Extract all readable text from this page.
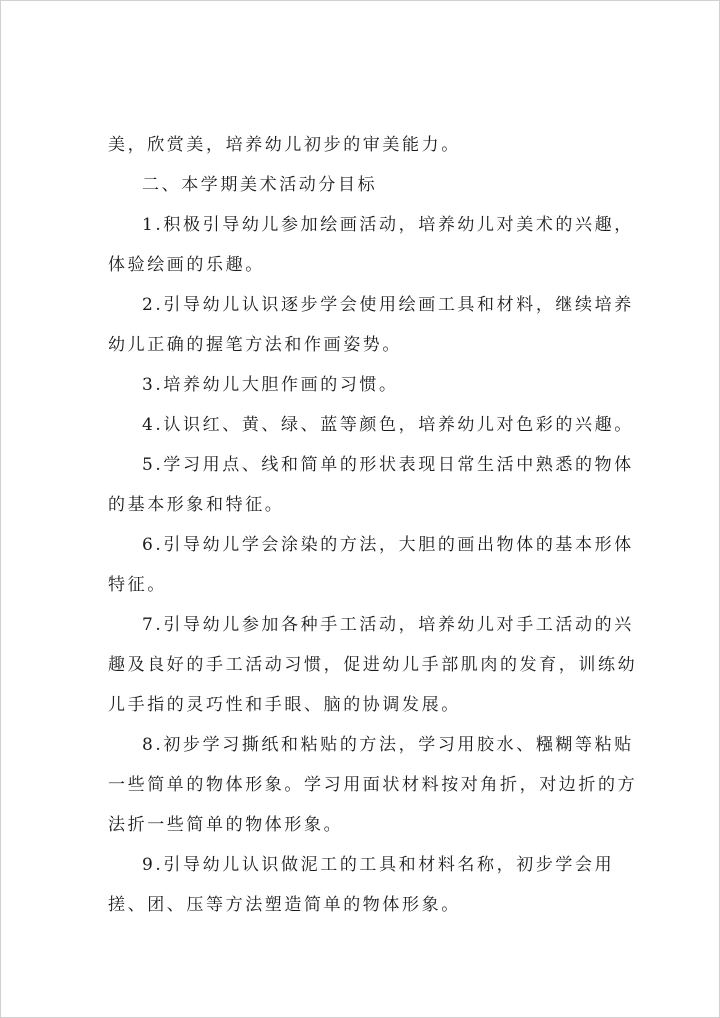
美，欣赏美，培养幼儿初步的审美能力。

二、本学期美术活动分目标

1.积极引导幼儿参加绘画活动，培养幼儿对美术的兴趣，体验绘画的乐趣。

2.引导幼儿认识逐步学会使用绘画工具和材料，继续培养幼儿正确的握笔方法和作画姿势。

3.培养幼儿大胆作画的习惯。

4.认识红、黄、绿、蓝等颜色，培养幼儿对色彩的兴趣。

5.学习用点、线和简单的形状表现日常生活中熟悉的物体的基本形象和特征。

6.引导幼儿学会涂染的方法，大胆的画出物体的基本形体特征。

7.引导幼儿参加各种手工活动，培养幼儿对手工活动的兴趣及良好的手工活动习惯，促进幼儿手部肌肉的发育，训练幼儿手指的灵巧性和手眼、脑的协调发展。

8.初步学习撕纸和粘贴的方法，学习用胶水、糨糊等粘贴一些简单的物体形象。学习用面状材料按对角折，对边折的方法折一些简单的物体形象。

9.引导幼儿认识做泥工的工具和材料名称，初步学会用搓、团、压等方法塑造简单的物体形象。
